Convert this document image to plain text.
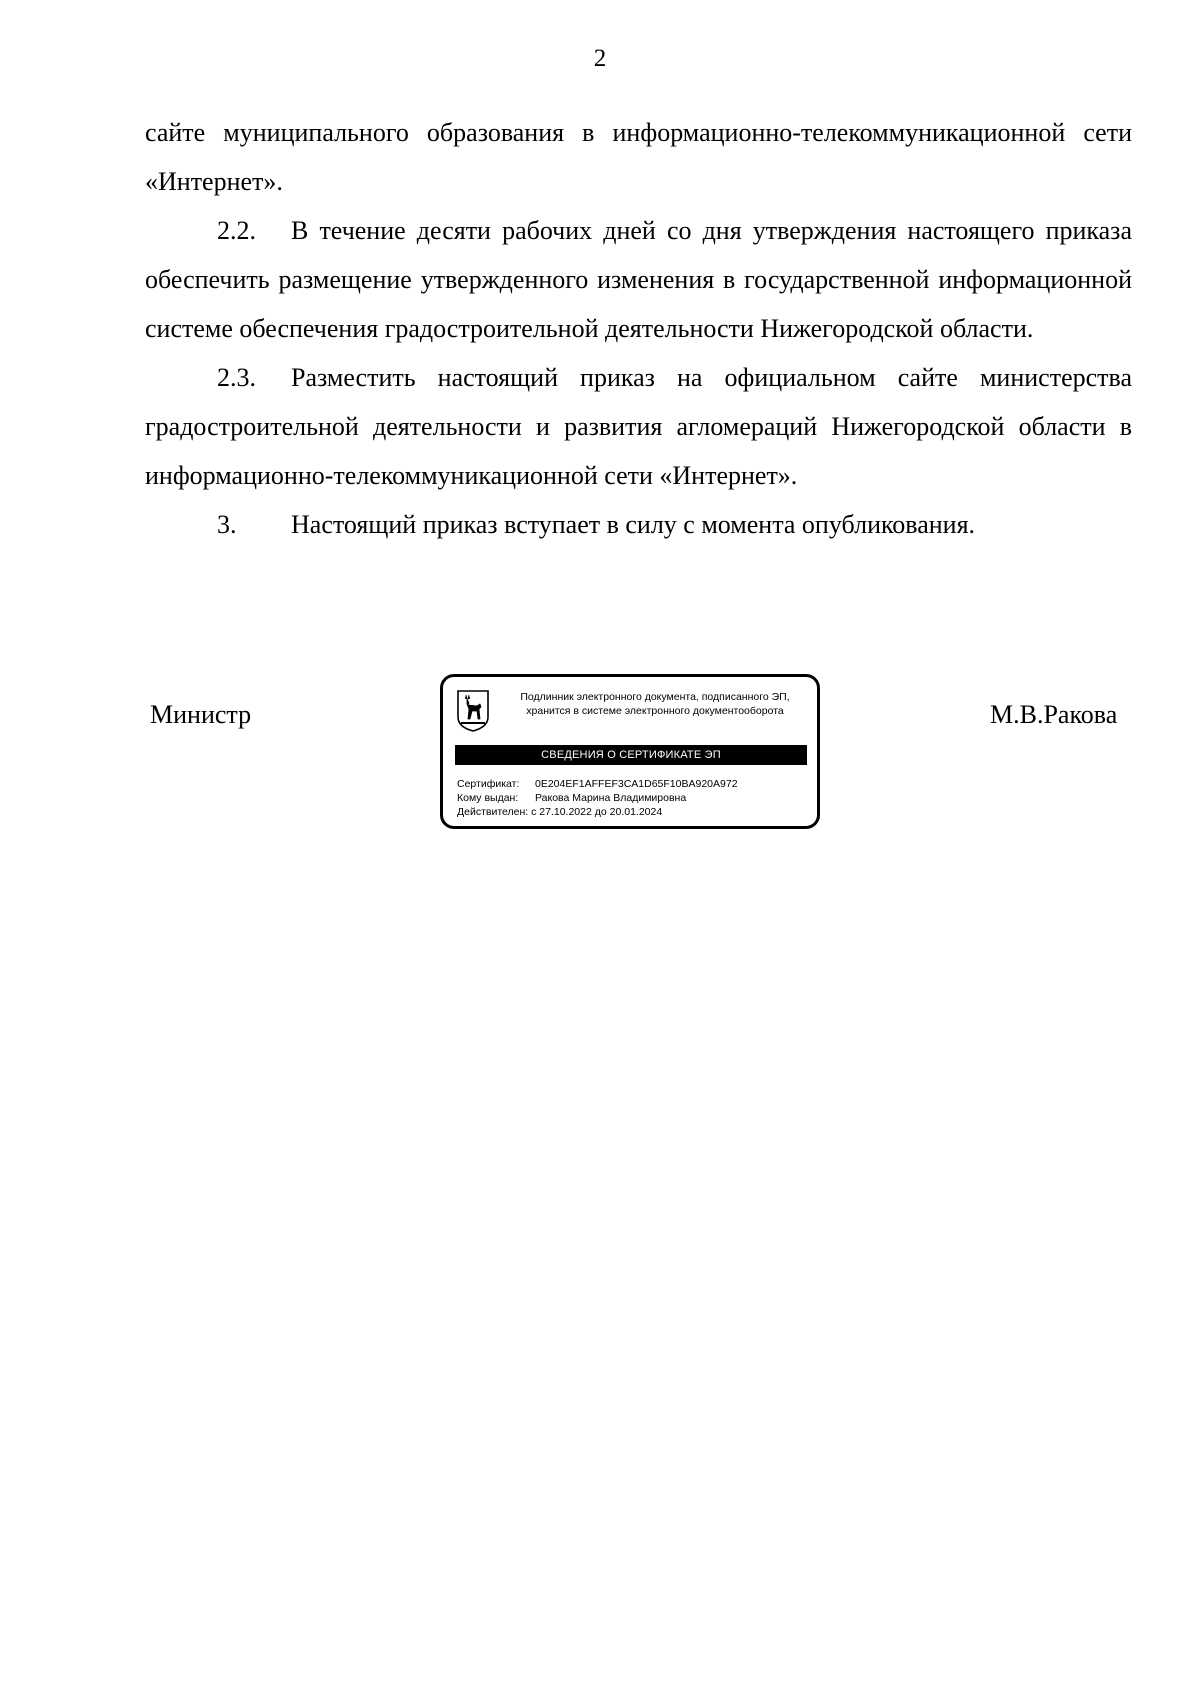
2

сайте муниципального образования в информационно-телекоммуникационной сети «Интернет».

2.2. В течение десяти рабочих дней со дня утверждения настоящего приказа обеспечить размещение утвержденного изменения в государственной информационной системе обеспечения градостроительной деятельности Нижегородской области.

2.3. Разместить настоящий приказ на официальном сайте министерства градостроительной деятельности и развития агломераций Нижегородской области в информационно-телекоммуникационной сети «Интернет».

3. Настоящий приказ вступает в силу с момента опубликования.

Министр	М.В.Ракова
Подлинник электронного документа, подписанного ЭП,
хранится в системе электронного документооборота
СВЕДЕНИЯ О СЕРТИФИКАТЕ ЭП
Сертификат: 0E204EF1AFFEF3CA1D65F10BA920A972
Кому выдан: Ракова Марина Владимировна
Действителен: с 27.10.2022 до 20.01.2024
